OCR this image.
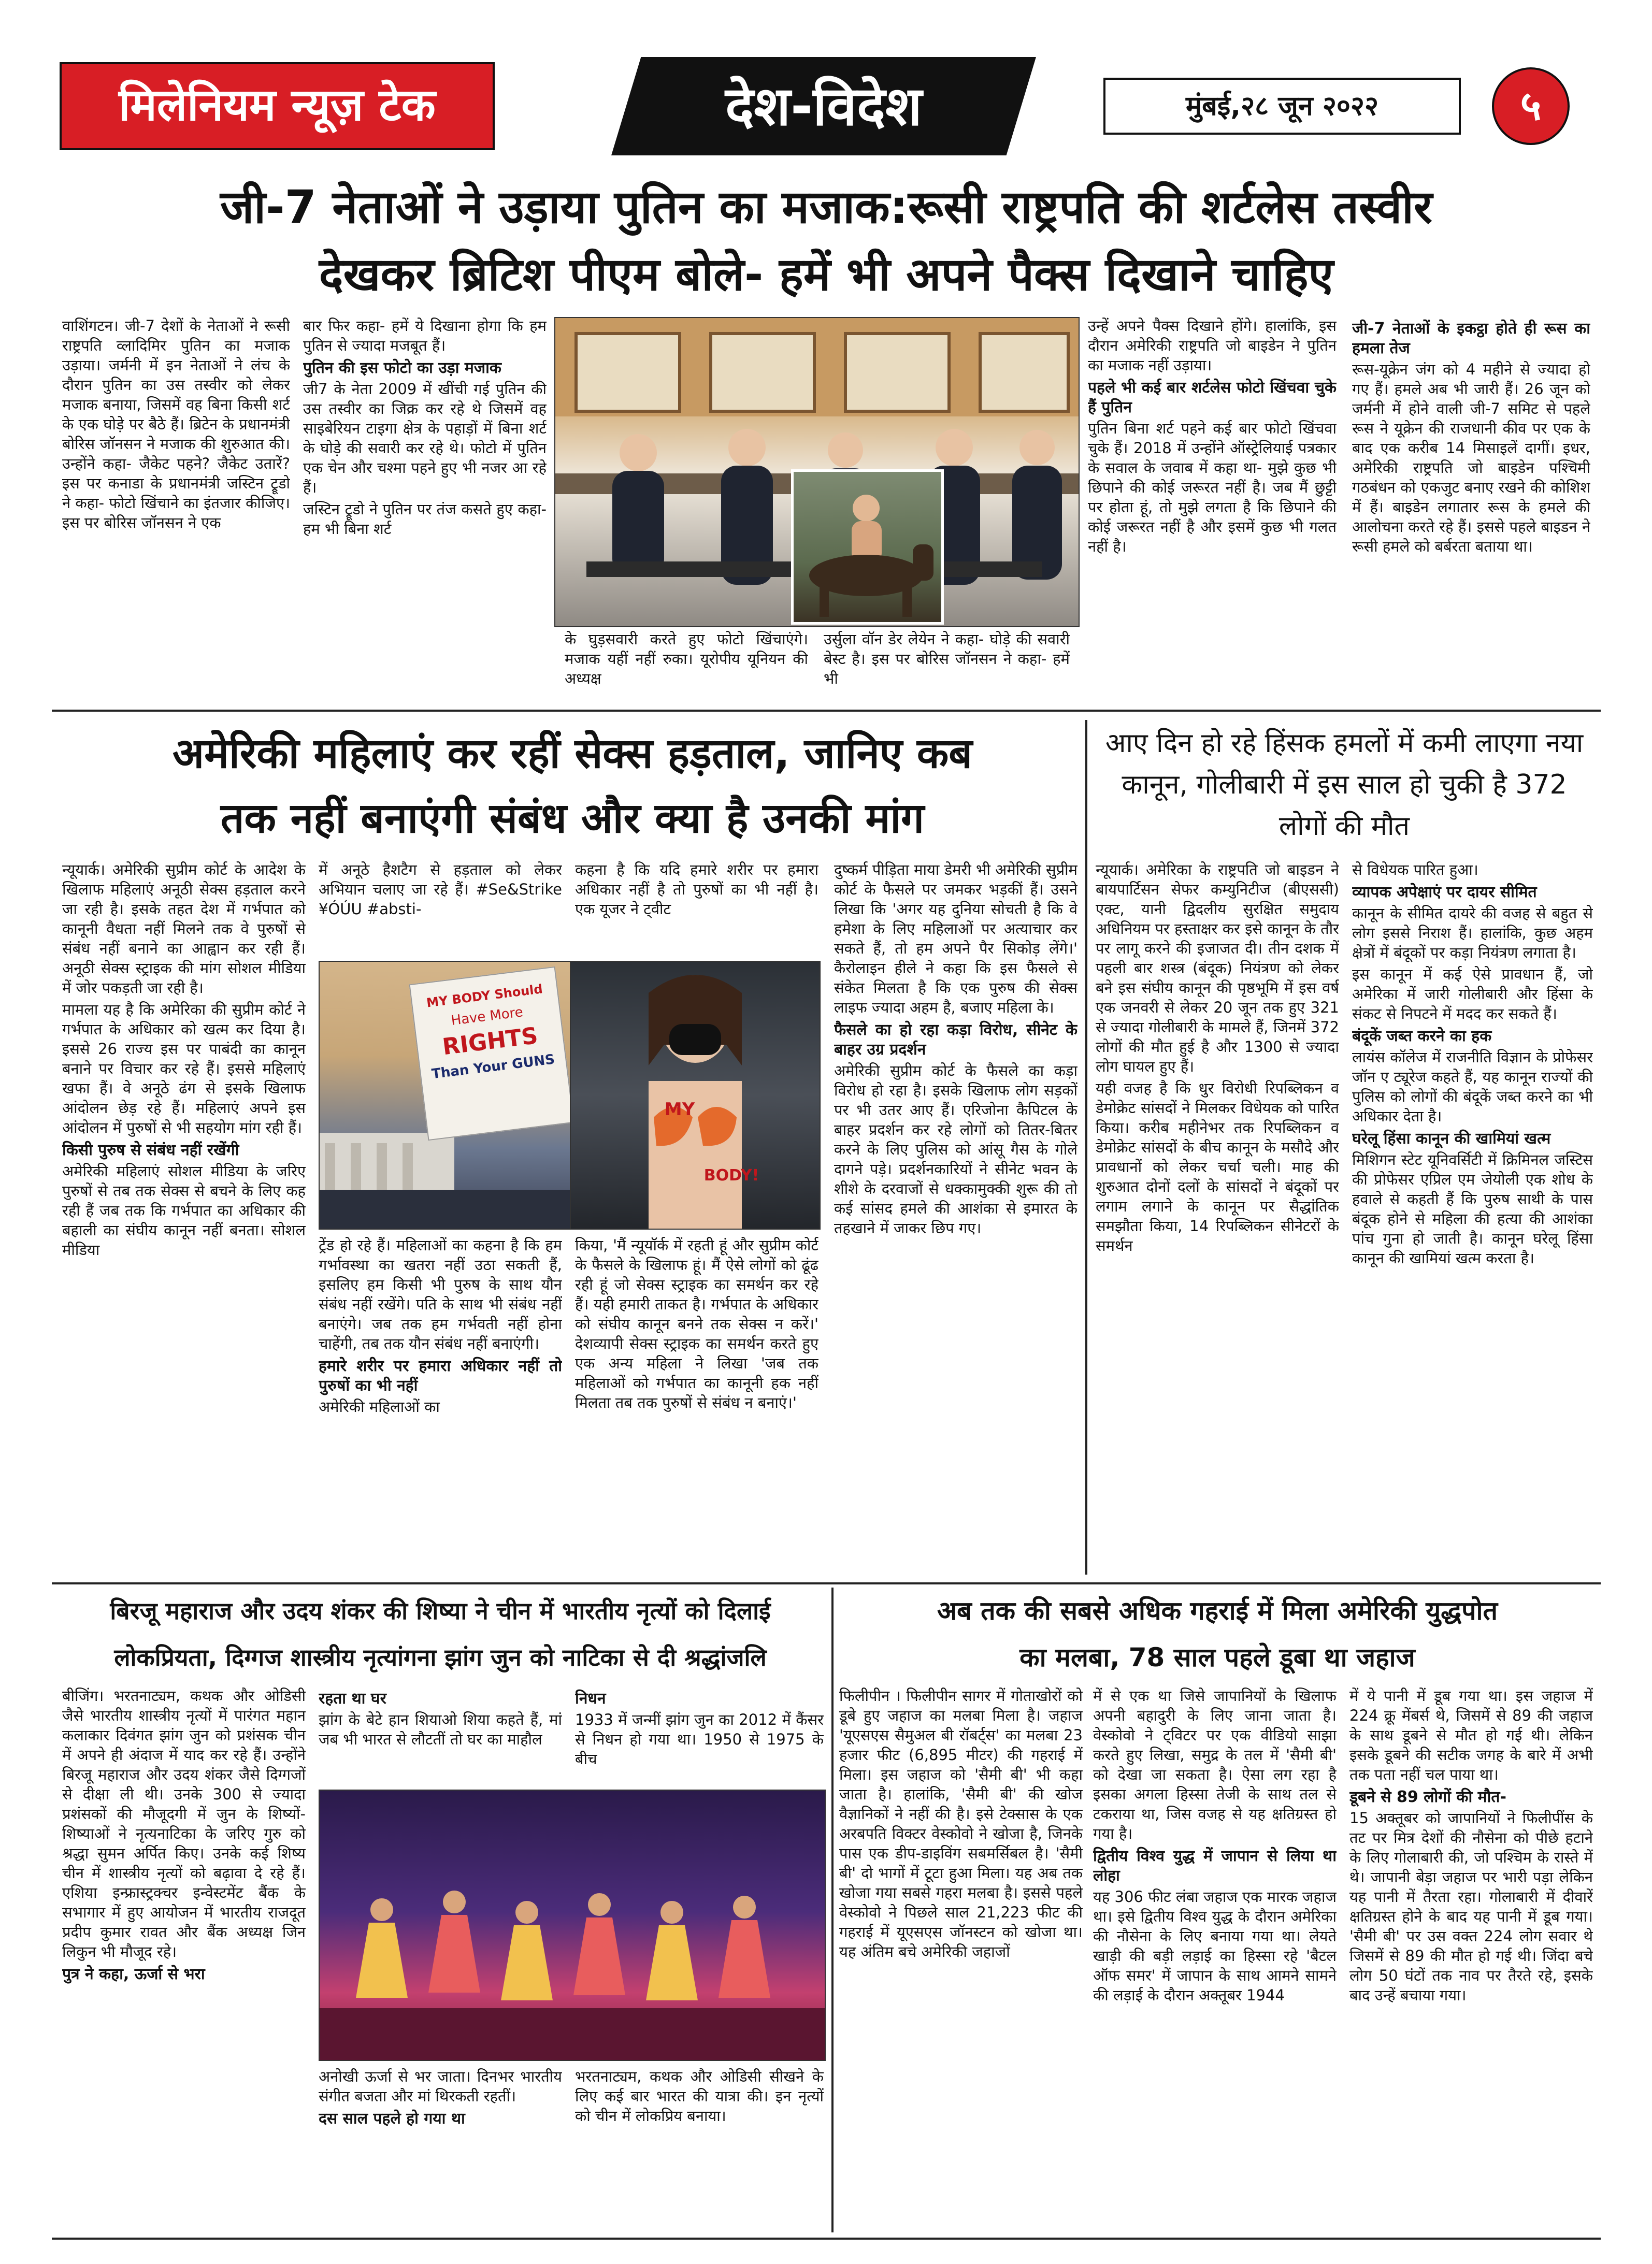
मिलेनियम न्यूज़ टेक	देश-विदेश	मुंबई,२८ जून २०२२	५
जी-7 नेताओं ने उड़ाया पुतिन का मजाक:रूसी राष्ट्रपति की शर्टलेस तस्वीर
देखकर ब्रिटिश पीएम बोले- हमें भी अपने पैक्स दिखाने चाहिए

वाशिंगटन। जी-7 देशों के नेताओं ने रूसी राष्ट्रपति व्लादिमिर पुतिन का मजाक उड़ाया। जर्मनी में इन नेताओं ने लंच के दौरान पुतिन का उस तस्वीर को लेकर मजाक बनाया, जिसमें वह बिना किसी शर्ट के एक घोड़े पर बैठे हैं। ब्रिटेन के प्रधानमंत्री बोरिस जॉनसन ने मजाक की शुरुआत की। उन्होंने कहा- जैकेट पहने? जैकेट उतारें? इस पर कनाडा के प्रधानमंत्री जस्टिन ट्रूडो ने कहा- फोटो खिंचाने का इंतजार कीजिए। इस पर बोरिस जॉनसन ने एक

बार फिर कहा- हमें ये दिखाना होगा कि हम पुतिन से ज्यादा मजबूत हैं।

पुतिन की इस फोटो का उड़ा मजाक

जी7 के नेता 2009 में खींची गई पुतिन की उस तस्वीर का जिक्र कर रहे थे जिसमें वह साइबेरियन टाइगा क्षेत्र के पहाड़ों में बिना शर्ट के घोड़े की सवारी कर रहे थे। फोटो में पुतिन एक चेन और चश्मा पहने हुए भी नजर आ रहे हैं।

जस्टिन ट्रूडो ने पुतिन पर तंज कसते हुए कहा- हम भी बिना शर्ट

के घुड़सवारी करते हुए फोटो खिंचाएंगे। मजाक यहीं नहीं रुका। यूरोपीय यूनियन की अध्यक्ष

उर्सुला वॉन डेर लेयेन ने कहा- घोड़े की सवारी बेस्ट है। इस पर बोरिस जॉनसन ने कहा- हमें भी

उन्हें अपने पैक्स दिखाने होंगे। हालांकि, इस दौरान अमेरिकी राष्ट्रपति जो बाइडेन ने पुतिन का मजाक नहीं उड़ाया।

पहले भी कई बार शर्टलेस फोटो खिंचवा चुके हैं पुतिन

पुतिन बिना शर्ट पहने कई बार फोटो खिंचवा चुके हैं। 2018 में उन्होंने ऑस्ट्रेलियाई पत्रकार के सवाल के जवाब में कहा था- मुझे कुछ भी छिपाने की कोई जरूरत नहीं है। जब मैं छुट्टी पर होता हूं, तो मुझे लगता है कि छिपाने की कोई जरूरत नहीं है और इसमें कुछ भी गलत नहीं है।

जी-7 नेताओं के इकट्ठा होते ही रूस का हमला तेज

रूस-यूक्रेन जंग को 4 महीने से ज्यादा हो गए हैं। हमले अब भी जारी हैं। 26 जून को जर्मनी में होने वाली जी-7 समिट से पहले रूस ने यूक्रेन की राजधानी कीव पर एक के बाद एक करीब 14 मिसाइलें दागीं। इधर, अमेरिकी राष्ट्रपति जो बाइडेन पश्चिमी गठबंधन को एकजुट बनाए रखने की कोशिश में हैं। बाइडेन लगातार रूस के हमले की आलोचना करते रहे हैं। इससे पहले बाइडन ने रूसी हमले को बर्बरता बताया था।

अमेरिकी महिलाएं कर रहीं सेक्स हड़ताल, जानिए कब
तक नहीं बनाएंगी संबंध और क्या है उनकी मांग

न्यूयार्क। अमेरिकी सुप्रीम कोर्ट के आदेश के खिलाफ महिलाएं अनूठी सेक्स हड़ताल करने जा रही है। इसके तहत देश में गर्भपात को कानूनी वैधता नहीं मिलने तक वे पुरुषों से संबंध नहीं बनाने का आह्वान कर रही हैं। अनूठी सेक्स स्ट्राइक की मांग सोशल मीडिया में जोर पकड़ती जा रही है।

मामला यह है कि अमेरिका की सुप्रीम कोर्ट ने गर्भपात के अधिकार को खत्म कर दिया है। इससे 26 राज्य इस पर पाबंदी का कानून बनाने पर विचार कर रहे हैं। इससे महिलाएं खफा हैं। वे अनूठे ढंग से इसके खिलाफ आंदोलन छेड़ रहे हैं। महिलाएं अपने इस आंदोलन में पुरुषों से भी सहयोग मांग रही हैं।

किसी पुरुष से संबंध नहीं रखेंगी

अमेरिकी महिलाएं सोशल मीडिया के जरिए पुरुषों से तब तक सेक्स से बचने के लिए कह रही हैं जब तक कि गर्भपात का अधिकार की बहाली का संघीय कानून नहीं बनता। सोशल मीडिया

में अनूठे हैशटैग से हड़ताल को लेकर अभियान चलाए जा रहे हैं। #Se&Strike ¥ÓÚU #absti-

कहना है कि यदि हमारे शरीर पर हमारा अधिकार नहीं है तो पुरुषों का भी नहीं है। एक यूजर ने ट्वीट

MY BODY Should
Have More
RIGHTS
Than Your GUNS
MY
BODY!

ट्रेंड हो रहे हैं। महिलाओं का कहना है कि हम गर्भावस्था का खतरा नहीं उठा सकती हैं, इसलिए हम किसी भी पुरुष के साथ यौन संबंध नहीं रखेंगे। पति के साथ भी संबंध नहीं बनाएंगे। जब तक हम गर्भवती नहीं होना चाहेंगी, तब तक यौन संबंध नहीं बनाएंगी।

हमारे शरीर पर हमारा अधिकार नहीं तो पुरुषों का भी नहीं

अमेरिकी महिलाओं का

किया, 'मैं न्यूयॉर्क में रहती हूं और सुप्रीम कोर्ट के फैसले के खिलाफ हूं। मैं ऐसे लोगों को ढूंढ रही हूं जो सेक्स स्ट्राइक का समर्थन कर रहे हैं। यही हमारी ताकत है। गर्भपात के अधिकार को संघीय कानून बनने तक सेक्स न करें।' देशव्यापी सेक्स स्ट्राइक का समर्थन करते हुए एक अन्य महिला ने लिखा 'जब तक महिलाओं को गर्भपात का कानूनी हक नहीं मिलता तब तक पुरुषों से संबंध न बनाएं।'

दुष्कर्म पीड़िता माया डेमरी भी अमेरिकी सुप्रीम कोर्ट के फैसले पर जमकर भड़कीं हैं। उसने लिखा कि 'अगर यह दुनिया सोचती है कि वे हमेशा के लिए महिलाओं पर अत्याचार कर सकते हैं, तो हम अपने पैर सिकोड़ लेंगे।' कैरोलाइन हीले ने कहा कि इस फैसले से संकेत मिलता है कि एक पुरुष की सेक्स लाइफ ज्यादा अहम है, बजाए महिला के।

फैसले का हो रहा कड़ा विरोध, सीनेट के बाहर उग्र प्रदर्शन

अमेरिकी सुप्रीम कोर्ट के फैसले का कड़ा विरोध हो रहा है। इसके खिलाफ लोग सड़कों पर भी उतर आए हैं। एरिजोना कैपिटल के बाहर प्रदर्शन कर रहे लोगों को तितर-बितर करने के लिए पुलिस को आंसू गैस के गोले दागने पड़े। प्रदर्शनकारियों ने सीनेट भवन के शीशे के दरवाजों से धक्कामुक्की शुरू की तो कई सांसद हमले की आशंका से इमारत के तहखाने में जाकर छिप गए।

आए दिन हो रहे हिंसक हमलों में कमी लाएगा नया कानून, गोलीबारी में इस साल हो चुकी है 372 लोगों की मौत

न्यूयार्क। अमेरिका के राष्ट्रपति जो बाइडन ने बायपार्टिसन सेफर कम्युनिटीज (बीएससी) एक्ट, यानी द्विदलीय सुरक्षित समुदाय अधिनियम पर हस्ताक्षर कर इसे कानून के तौर पर लागू करने की इजाजत दी। तीन दशक में पहली बार शस्त्र (बंदूक) नियंत्रण को लेकर बने इस संघीय कानून की पृष्ठभूमि में इस वर्ष एक जनवरी से लेकर 20 जून तक हुए 321 से ज्यादा गोलीबारी के मामले हैं, जिनमें 372 लोगों की मौत हुई है और 1300 से ज्यादा लोग घायल हुए हैं।

यही वजह है कि धुर विरोधी रिपब्लिकन व डेमोक्रेट सांसदों ने मिलकर विधेयक को पारित किया। करीब महीनेभर तक रिपब्लिकन व डेमोक्रेट सांसदों के बीच कानून के मसौदे और प्रावधानों को लेकर चर्चा चली। माह की शुरुआत दोनों दलों के सांसदों ने बंदूकों पर लगाम लगाने के कानून पर सैद्धांतिक समझौता किया, 14 रिपब्लिकन सीनेटरों के समर्थन

से विधेयक पारित हुआ।

व्यापक अपेक्षाएं पर दायर सीमित

कानून के सीमित दायरे की वजह से बहुत से लोग इससे निराश हैं। हालांकि, कुछ अहम क्षेत्रों में बंदूकों पर कड़ा नियंत्रण लगाता है।

इस कानून में कई ऐसे प्रावधान हैं, जो अमेरिका में जारी गोलीबारी और हिंसा के संकट से निपटने में मदद कर सकते हैं।

बंदूकें जब्त करने का हक

लायंस कॉलेज में राजनीति विज्ञान के प्रोफेसर जॉन ए ट्यूरेज कहते हैं, यह कानून राज्यों की पुलिस को लोगों की बंदूकें जब्त करने का भी अधिकार देता है।

घरेलू हिंसा कानून की खामियां खत्म

मिशिगन स्टेट यूनिवर्सिटी में क्रिमिनल जस्टिस की प्रोफेसर एप्रिल एम जेयोली एक शोध के हवाले से कहती हैं कि पुरुष साथी के पास बंदूक होने से महिला की हत्या की आशंका पांच गुना हो जाती है। कानून घरेलू हिंसा कानून की खामियां खत्म करता है।

बिरजू महाराज और उदय शंकर की शिष्या ने चीन में भारतीय नृत्यों को दिलाई
लोकप्रियता, दिग्गज शास्त्रीय नृत्यांगना झांग जुन को नाटिका से दी श्रद्धांजलि

बीजिंग। भरतनाट्यम, कथक और ओडिसी जैसे भारतीय शास्त्रीय नृत्यों में पारंगत महान कलाकार दिवंगत झांग जुन को प्रशंसक चीन में अपने ही अंदाज में याद कर रहे हैं। उन्होंने बिरजू महाराज और उदय शंकर जैसे दिग्गजों से दीक्षा ली थी। उनके 300 से ज्यादा प्रशंसकों की मौजूदगी में जुन के शिष्यों-शिष्याओं ने नृत्यनाटिका के जरिए गुरु को श्रद्धा सुमन अर्पित किए। उनके कई शिष्य चीन में शास्त्रीय नृत्यों को बढ़ावा दे रहे हैं। एशिया इन्फ्रास्ट्रक्चर इन्वेस्टमेंट बैंक के सभागार में हुए आयोजन में भारतीय राजदूत प्रदीप कुमार रावत और बैंक अध्यक्ष जिन लिकुन भी मौजूद रहे।

पुत्र ने कहा, ऊर्जा से भरा
रहता था घर

झांग के बेटे हान शियाओ शिया कहते हैं, मां जब भी भारत से लौटतीं तो घर का माहौल

निधन

1933 में जन्मीं झांग जुन का 2012 में कैंसर से निधन हो गया था। 1950 से 1975 के बीच

अनोखी ऊर्जा से भर जाता। दिनभर भारतीय संगीत बजता और मां थिरकती रहतीं।

दस साल पहले हो गया था

भरतनाट्यम, कथक और ओडिसी सीखने के लिए कई बार भारत की यात्रा की। इन नृत्यों को चीन में लोकप्रिय बनाया।

अब तक की सबसे अधिक गहराई में मिला अमेरिकी युद्धपोत
का मलबा, 78 साल पहले डूबा था जहाज

फिलीपीन । फिलीपीन सागर में गोताखोरों को डूबे हुए जहाज का मलबा मिला है। जहाज 'यूएसएस सैमुअल बी रॉबर्ट्स' का मलबा 23 हजार फीट (6,895 मीटर) की गहराई में मिला। इस जहाज को 'सैमी बी' भी कहा जाता है। हालांकि, 'सैमी बी' की खोज वैज्ञानिकों ने नहीं की है। इसे टेक्सास के एक अरबपति विक्टर वेस्कोवो ने खोजा है, जिनके पास एक डीप-डाइविंग सबमर्सिबल है। 'सैमी बी' दो भागों में टूटा हुआ मिला। यह अब तक खोजा गया सबसे गहरा मलबा है। इससे पहले वेस्कोवो ने पिछले साल 21,223 फीट की गहराई में यूएसएस जॉनस्टन को खोजा था। यह अंतिम बचे अमेरिकी जहाजों

में से एक था जिसे जापानियों के खिलाफ अपनी बहादुरी के लिए जाना जाता है। वेस्कोवो ने ट्विटर पर एक वीडियो साझा करते हुए लिखा, समुद्र के तल में 'सैमी बी' को देखा जा सकता है। ऐसा लग रहा है इसका अगला हिस्सा तेजी के साथ तल से टकराया था, जिस वजह से यह क्षतिग्रस्त हो गया है।

द्वितीय विश्व युद्ध में जापान से लिया था लोहा

यह 306 फीट लंबा जहाज एक मारक जहाज था। इसे द्वितीय विश्व युद्ध के दौरान अमेरिका की नौसेना के लिए बनाया गया था। लेयते खाड़ी की बड़ी लड़ाई का हिस्सा रहे 'बैटल ऑफ समर' में जापान के साथ आमने सामने की लड़ाई के दौरान अक्तूबर 1944

में ये पानी में डूब गया था। इस जहाज में 224 क्रू मेंबर्स थे, जिसमें से 89 की जहाज के साथ डूबने से मौत हो गई थी। लेकिन इसके डूबने की सटीक जगह के बारे में अभी तक पता नहीं चल पाया था।

डूबने से 89 लोगों की मौत-

15 अक्तूबर को जापानियों ने फिलीपींस के तट पर मित्र देशों की नौसेना को पीछे हटाने के लिए गोलाबारी की, जो पश्चिम के रास्ते में थे। जापानी बेड़ा जहाज पर भारी पड़ा लेकिन यह पानी में तैरता रहा। गोलाबारी में दीवारें क्षतिग्रस्त होने के बाद यह पानी में डूब गया। 'सैमी बी' पर उस वक्त 224 लोग सवार थे जिसमें से 89 की मौत हो गई थी। जिंदा बचे लोग 50 घंटों तक नाव पर तैरते रहे, इसके बाद उन्हें बचाया गया।
